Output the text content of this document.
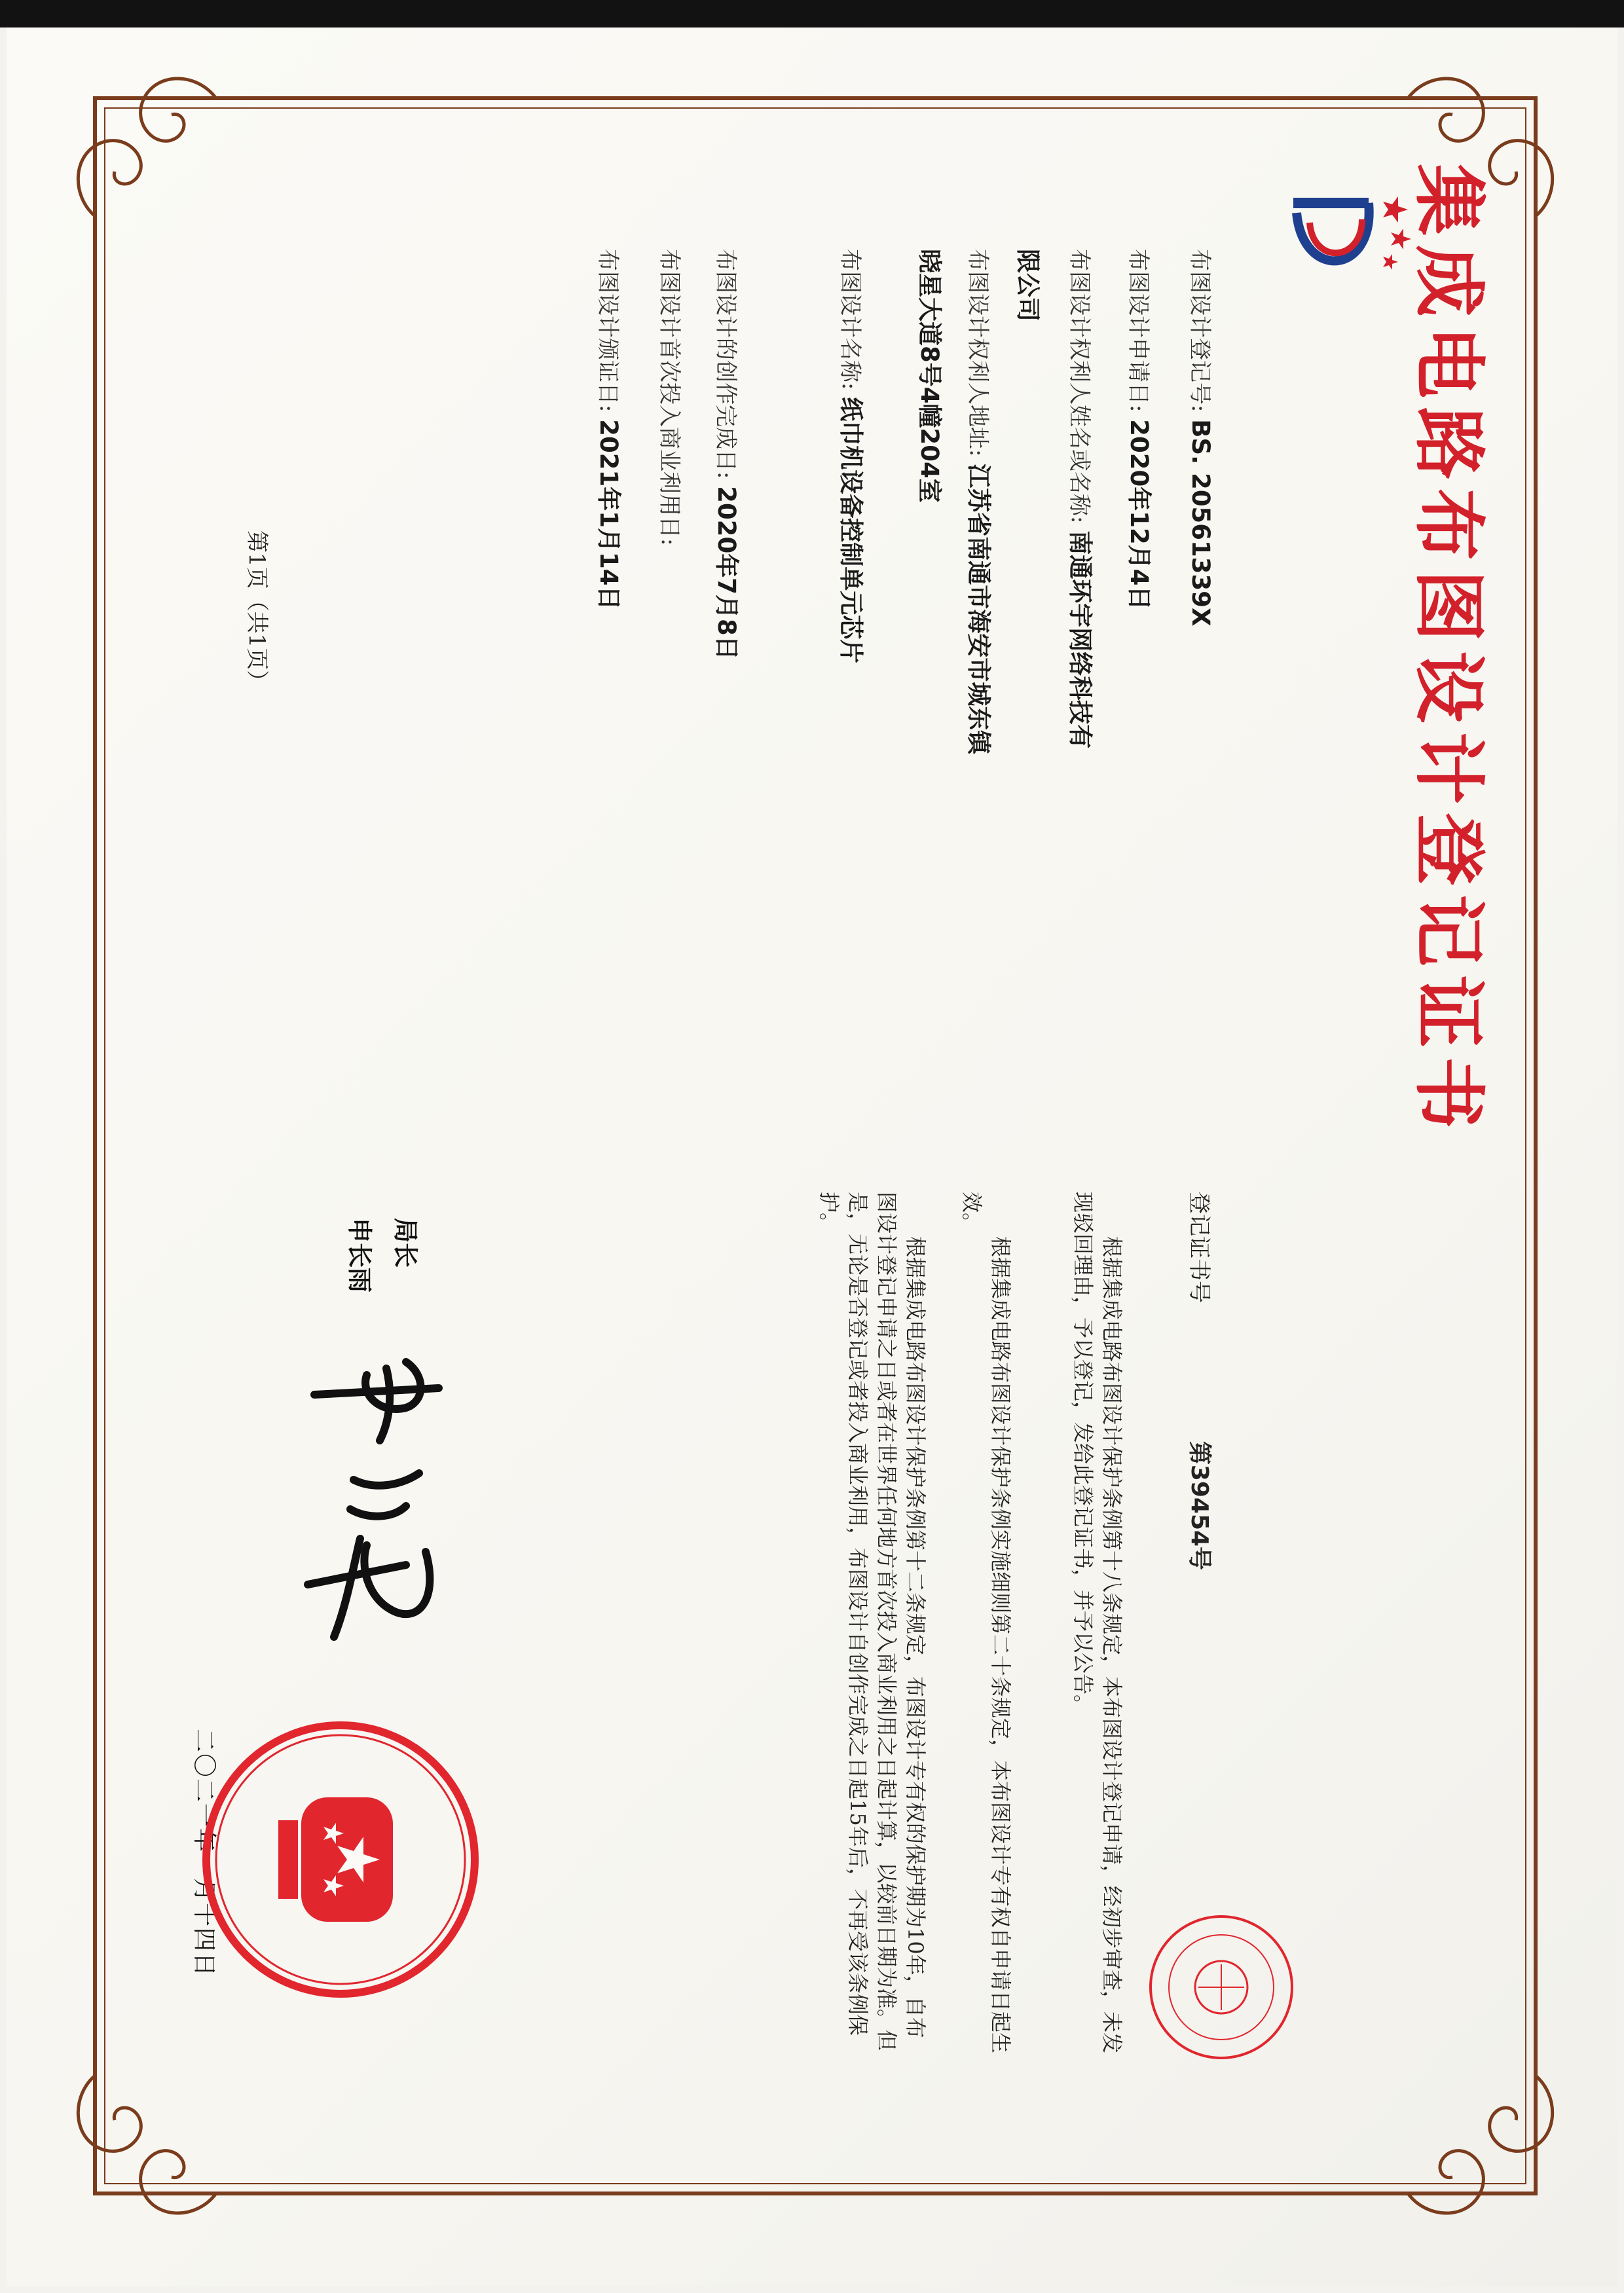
集成电路布图设计登记证书
布图设计登记号: BS. 20561339X
布图设计申请日: 2020年12月4日
布图设计权利人姓名或名称: 南通环宇网络科技有
限公司
布图设计权利人地址: 江苏省南通市海安市城东镇
晓星大道8号4幢204室
布图设计名称: 纸巾机设备控制单元芯片
布图设计的创作完成日: 2020年7月8日
布图设计首次投入商业利用日:
布图设计颁证日: 2021年1月14日
第1页（共1页）
登记证书号 第39454号

根据集成电路布图设计保护条例第十八条规定，本布图设计登记申请，经初步审查，未发现驳回理由，予以登记，发给此登记证书，并予以公告。

根据集成电路布图设计保护条例实施细则第二十条规定，本布图设计专有权自申请日起生效。

根据集成电路布图设计保护条例第十二条规定，布图设计专有权的保护期为10年，自布图设计登记申请之日或者在世界任何地方首次投入商业利用之日起计算，以较前日期为准。但是，无论是否登记或者投入商业利用，布图设计自创作完成之日起15年后，不再受该条例保护。

局长
申长雨
二〇二一年一月十四日
